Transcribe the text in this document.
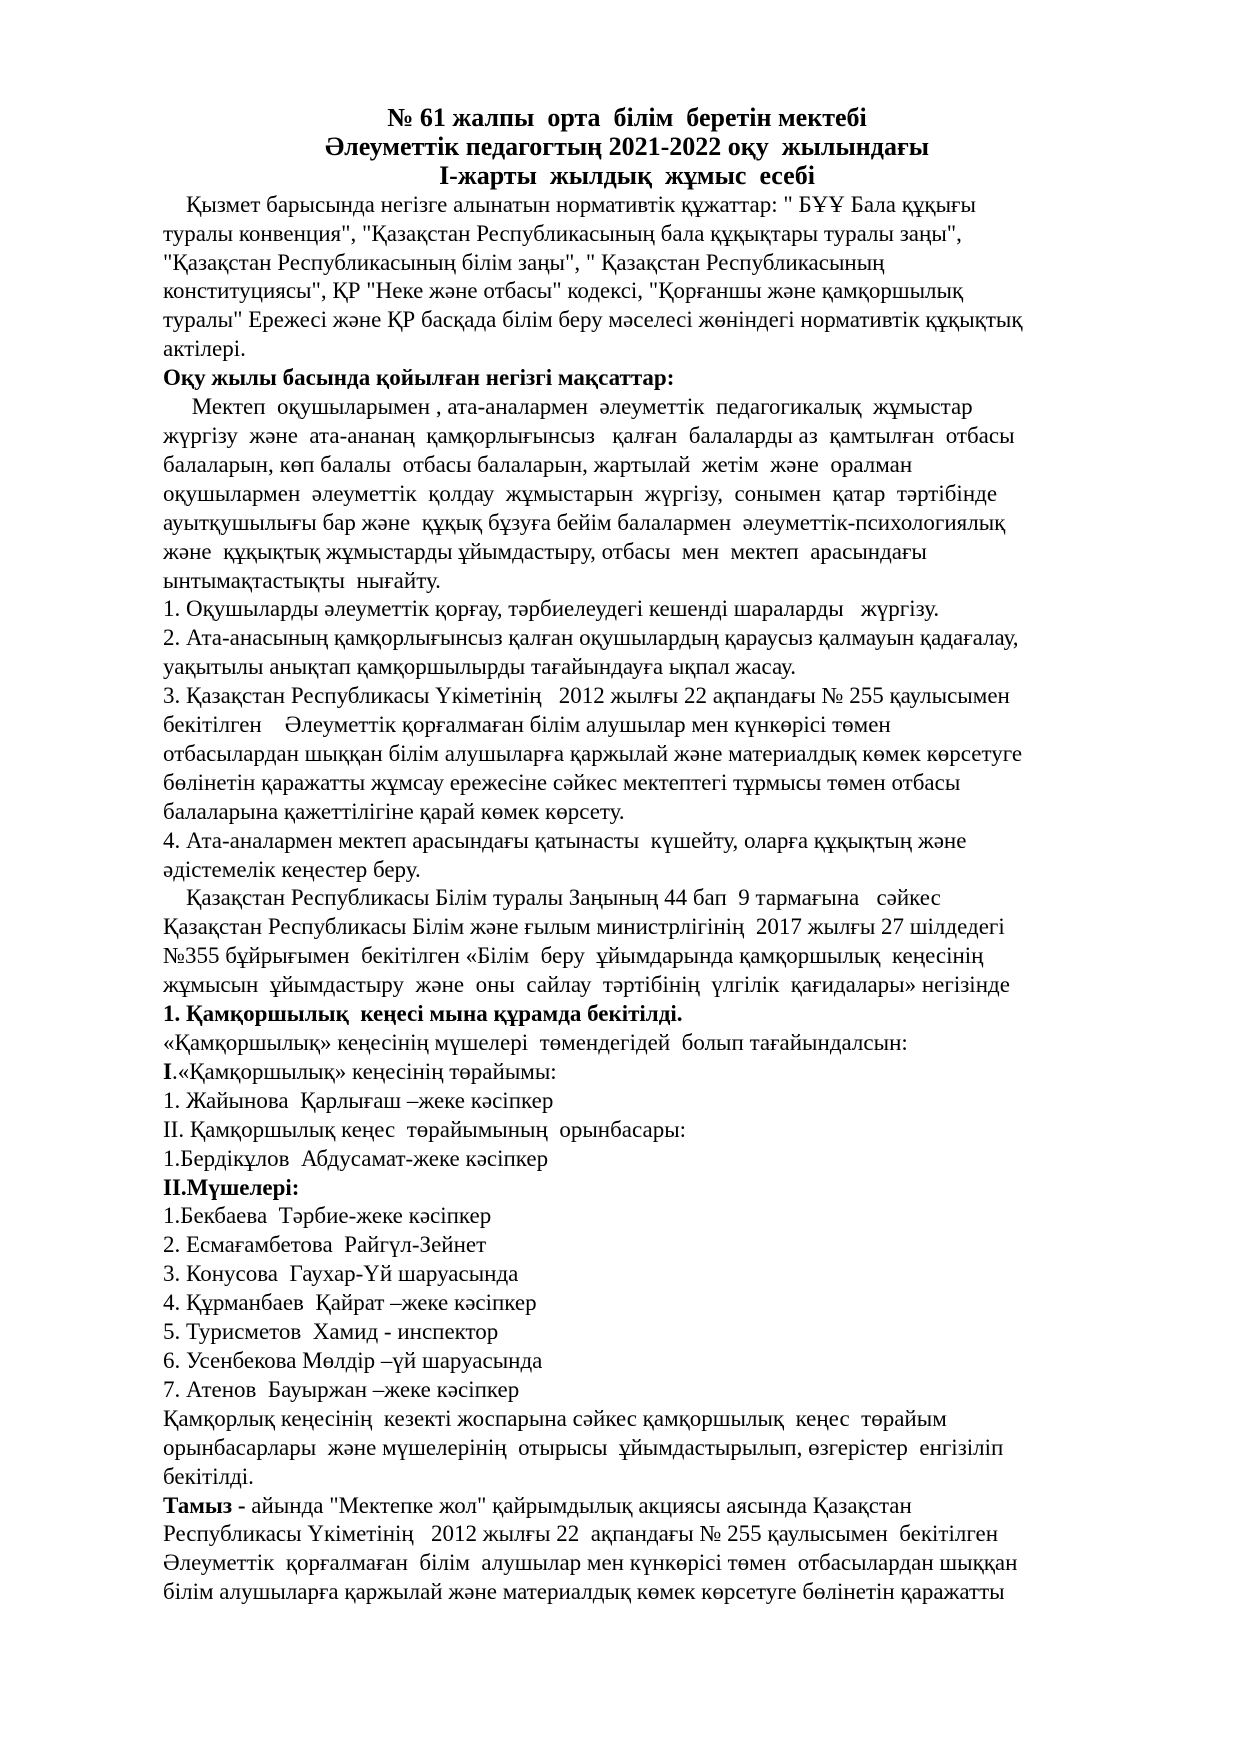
№ 61 жалпы  орта  білім  беретін мектебі
Әлеуметтік педагогтың 2021-2022 оқу  жылындағы
І-жарты  жылдық  жұмыс  есебі
Қызмет барысында негізге алынатын нормативтік құжаттар: " БҰҰ Бала құқығы
туралы конвенция", "Қазақстан Республикасының бала құқықтары туралы заңы",
"Қазақстан Республикасының білім заңы", " Қазақстан Республикасының
конституциясы", ҚР "Неке және отбасы" кодексі, "Қорғаншы және қамқоршылық
туралы" Ережесі және ҚР басқада білім беру мәселесі жөніндегі нормативтік құқықтық
актілері.
Оқу жылы басында қойылған негізгі мақсаттар:
Мектеп  оқушыларымен , ата-аналармен  әлеуметтік  педагогикалық  жұмыстар
жүргізу  және  ата-ананаң  қамқорлығынсыз   қалған  балаларды аз  қамтылған  отбасы
балаларын, көп балалы  отбасы балаларын, жартылай  жетім  және  оралман
оқушылармен  әлеуметтік  қолдау  жұмыстарын  жүргізу,  сонымен  қатар  тәртібінде
ауытқушылығы бар және  құқық бұзуға бейім балалармен  әлеуметтік-психологиялық
және  құқықтық жұмыстарды ұйымдастыру, отбасы  мен  мектеп  арасындағы
ынтымақтастықты  нығайту.
1. Оқушыларды әлеуметтік қорғау, тәрбиелеудегі кешенді шараларды   жүргізу.
2. Ата-анасының қамқорлығынсыз қалған оқушылардың қараусыз қалмауын қадағалау,
уақытылы анықтап қамқоршылырды тағайындауға ықпал жасау.
3. Қазақстан Республикасы Үкіметінің   2012 жылғы 22 ақпандағы № 255 қаулысымен
бекітілген    Әлеуметтік қорғалмаған білім алушылар мен күнкөрісі төмен
отбасылардан шыққан білім алушыларға қаржылай және материалдық көмек көрсетуге
бөлінетін қаражатты жұмсау ережесіне сәйкес мектептегі тұрмысы төмен отбасы
балаларына қажеттілігіне қарай көмек көрсету.
4. Ата-аналармен мектеп арасындағы қатынасты  күшейту, оларға құқықтың және
әдістемелік кеңестер беру.
Қазақстан Республикасы Білім туралы Заңының 44 бап  9 тармағына   сәйкес
Қазақстан Республикасы Білім және ғылым министрлігінің  2017 жылғы 27 шілдедегі
№355 бұйрығымен  бекітілген «Білім  беру  ұйымдарында қамқоршылық  кеңесінің
жұмысын  ұйымдастыру  және  оны  сайлау  тәртібінің  үлгілік  қағидалары» негізінде
1. Қамқоршылық  кеңесі мына құрамда бекітілді.
«Қамқоршылық» кеңесінің мүшелері  төмендегідей  болып тағайындалсын:
І.«Қамқоршылық» кеңесінің төрайымы:
1. Жайынова  Қарлығаш –жеке кәсіпкер
ІІ. Қамқоршылық кеңес  төрайымының  орынбасары:
1.Бердікұлов  Абдусамат-жеке кәсіпкер
ІІ.Мүшелері:
1.Бекбаева  Тәрбие-жеке кәсіпкер
2. Есмағамбетова  Райгүл-Зейнет
3. Конусова  Гаухар-Үй шаруасында
4. Құрманбаев  Қайрат –жеке кәсіпкер
5. Турисметов  Хамид - инспектор
6. Усенбекова Мөлдір –үй шаруасында
7. Атенов  Бауыржан –жеке кәсіпкер
Қамқорлық кеңесінің  кезекті жоспарына сәйкес қамқоршылық  кеңес  төрайым
орынбасарлары  және мүшелерінің  отырысы  ұйымдастырылып, өзгерістер  енгізіліп
бекітілді.
Тамыз - айында "Мектепке жол" қайрымдылық акциясы аясында Қазақстан
Республикасы Үкіметінің   2012 жылғы 22  ақпандағы № 255 қаулысымен  бекітілген
Әлеуметтік  қорғалмаған  білім  алушылар мен күнкөрісі төмен  отбасылардан шыққан
білім алушыларға қаржылай және материалдық көмек көрсетуге бөлінетін қаражатты
